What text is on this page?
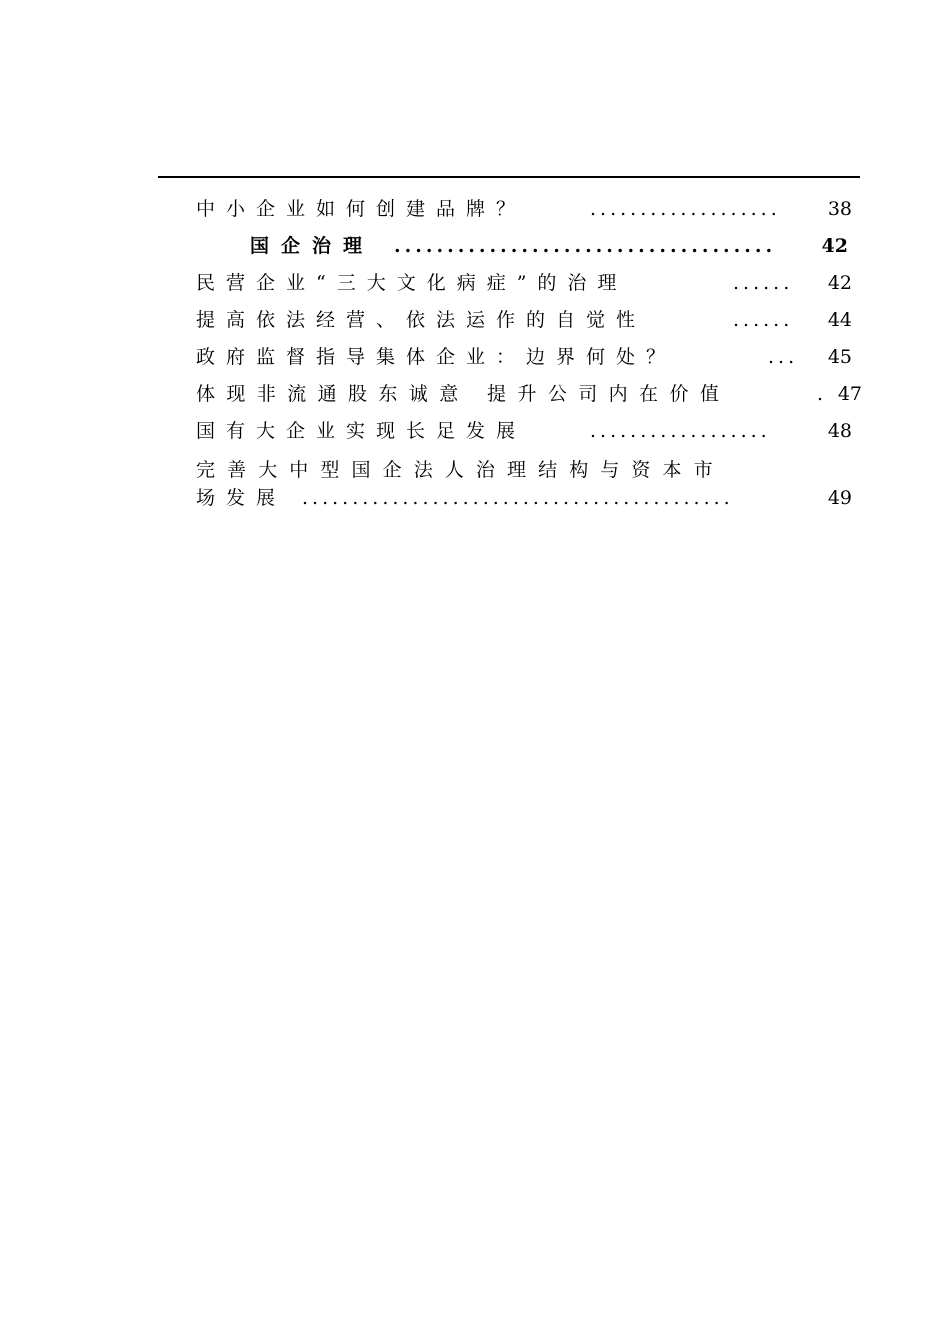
中小企业如何创建品牌？	................... 38
国企治理 .................................... 42
民营企业“三大文化病症”的治理	...... 42
提高依法经营、依法运作的自觉性	...... 44
政府监督指导集体企业：边界何处？	... 45
体现非流通股东诚意 提升公司内在价值	. 47
国有大企业实现长足发展	..................	48
完善大中型国企法人治理结构与资本市
场发展 ...........................................	49
